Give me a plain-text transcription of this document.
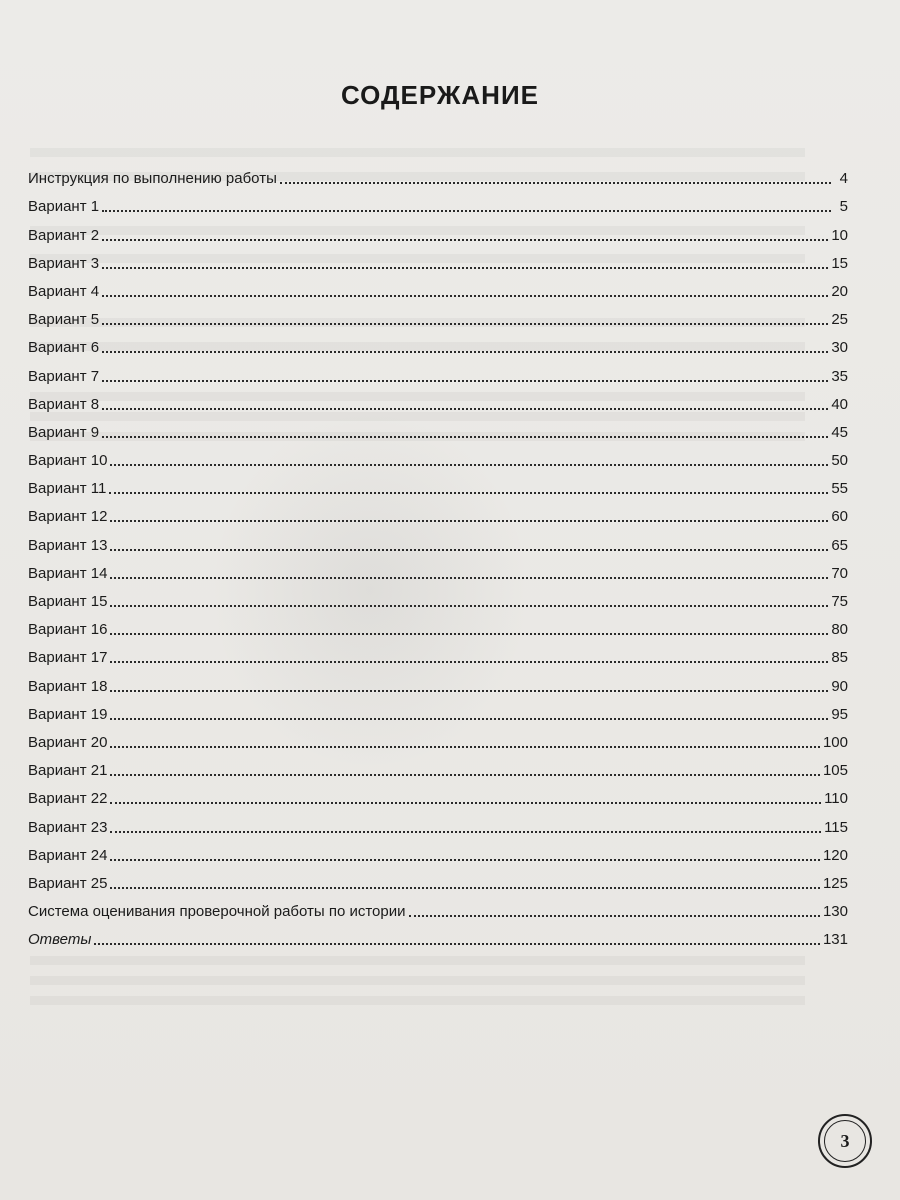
СОДЕРЖАНИЕ
Инструкция по выполнению работы	4
Вариант 1	5
Вариант 2	10
Вариант 3	15
Вариант 4	20
Вариант 5	25
Вариант 6	30
Вариант 7	35
Вариант 8	40
Вариант 9	45
Вариант 10	50
Вариант 11	55
Вариант 12	60
Вариант 13	65
Вариант 14	70
Вариант 15	75
Вариант 16	80
Вариант 17	85
Вариант 18	90
Вариант 19	95
Вариант 20	100
Вариант 21	105
Вариант 22	110
Вариант 23	115
Вариант 24	120
Вариант 25	125
Система оценивания проверочной работы по истории	130
Ответы	131
3
